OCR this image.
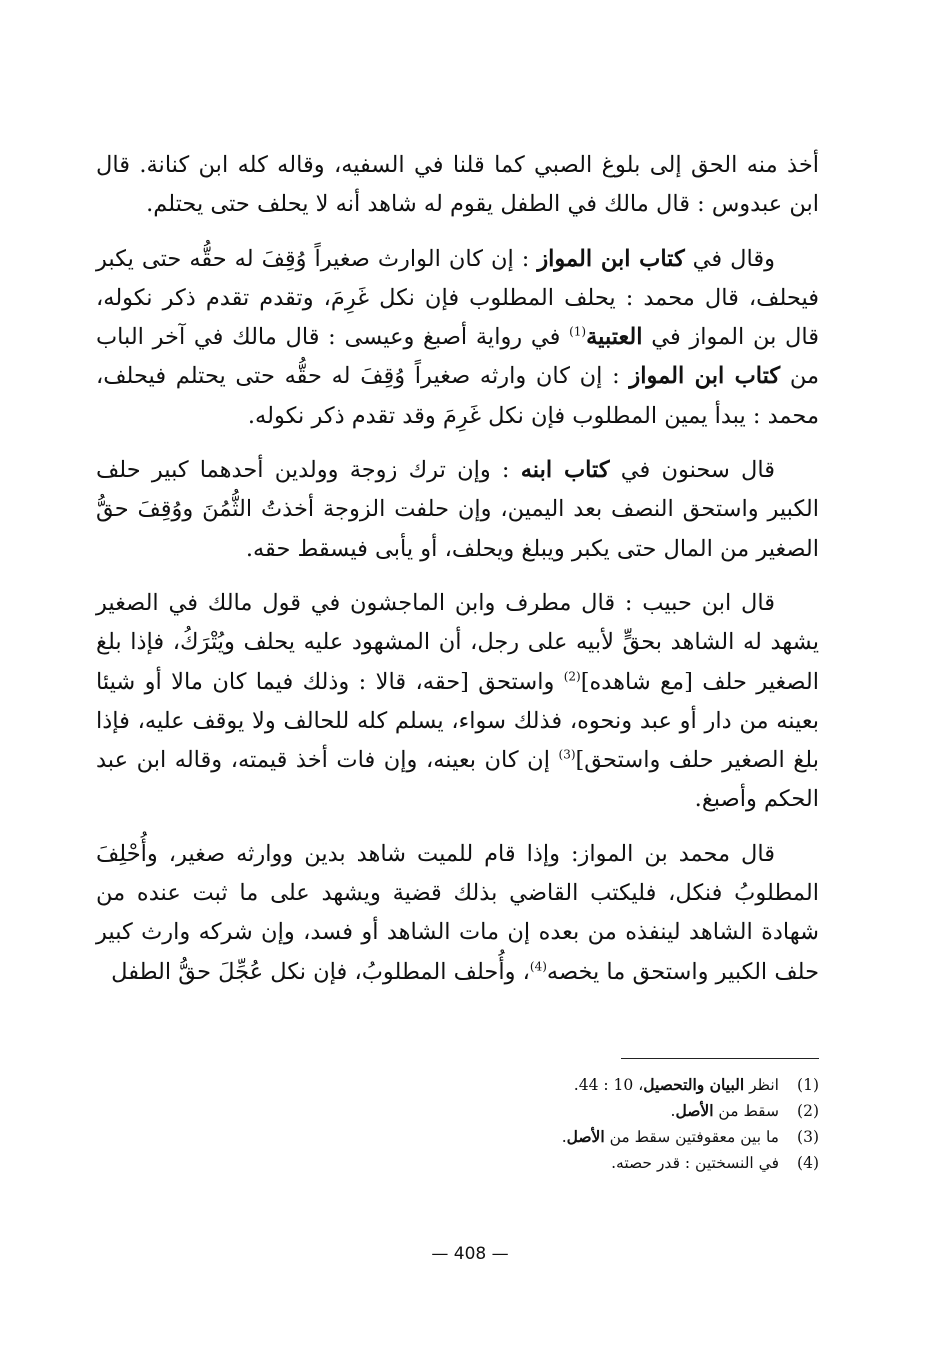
أخذ منه الحق إلى بلوغ الصبي كما قلنا في السفيه، وقاله كله ابن كنانة. قال ابن عبدوس : قال مالك في الطفل يقوم له شاهد أنه لا يحلف حتى يحتلم.

وقال في كتاب ابن المواز : إن كان الوارث صغيراً وُقِفَ له حقُّه حتى يكبر فيحلف، قال محمد : يحلف المطلوب فإن نكل غَرِمَ، وتقدم تقدم ذكر نكوله، قال بن المواز في العتبية$^{(1)}$ في رواية أصبغ وعيسى : قال مالك في آخر الباب من كتاب ابن المواز : إن كان وارثه صغيراً وُقِفَ له حقُّه حتى يحتلم فيحلف، محمد : يبدأ يمين المطلوب فإن نكل غَرِمَ وقد تقدم ذكر نكوله.

قال سحنون في كتاب ابنه : وإن ترك زوجة وولدين أحدهما كبير حلف الكبير واستحق النصف بعد اليمين، وإن حلفت الزوجة أخذتُ الثُّمُنَ ووُقِفَ حقُّ الصغير من المال حتى يكبر ويبلغ ويحلف، أو يأبى فيسقط حقه.

قال ابن حبيب : قال مطرف وابن الماجشون في قول مالك في الصغير يشهد له الشاهد بحقٍّ لأبيه على رجل، أن المشهود عليه يحلف ويُتْرَكُ، فإذا بلغ الصغير حلف [مع شاهده]$^{(2)}$ واستحق [حقه، قالا : وذلك فيما كان مالا أو شيئا بعينه من دار أو عبد ونحوه، فذلك سواء، يسلم كله للحالف ولا يوقف عليه، فإذا بلغ الصغير حلف واستحق]$^{(3)}$ إن كان بعينه، وإن فات أخذ قيمته، وقاله ابن عبد الحكم وأصبغ.

قال محمد بن المواز: وإذا قام للميت شاهد بدين ووارثه صغير، وأُحْلِفَ المطلوبُ فنكل، فليكتب القاضي بذلك قضية ويشهد على ما ثبت عنده من شهادة الشاهد لينفذه من بعده إن مات الشاهد أو فسد، وإن شركه وارث كبير حلف الكبير واستحق ما يخصه$^{(4)}$، وأُحلف المطلوبُ، فإن نكل عُجِّلَ حقُّ الطفل

(1)
انظر البيان والتحصيل، 10 : 44.
(2)
سقط من الأصل.
(3)
ما بين معقوفتين سقط من الأصل.
(4)
في النسختين : قدر حصته.
— 408 —
